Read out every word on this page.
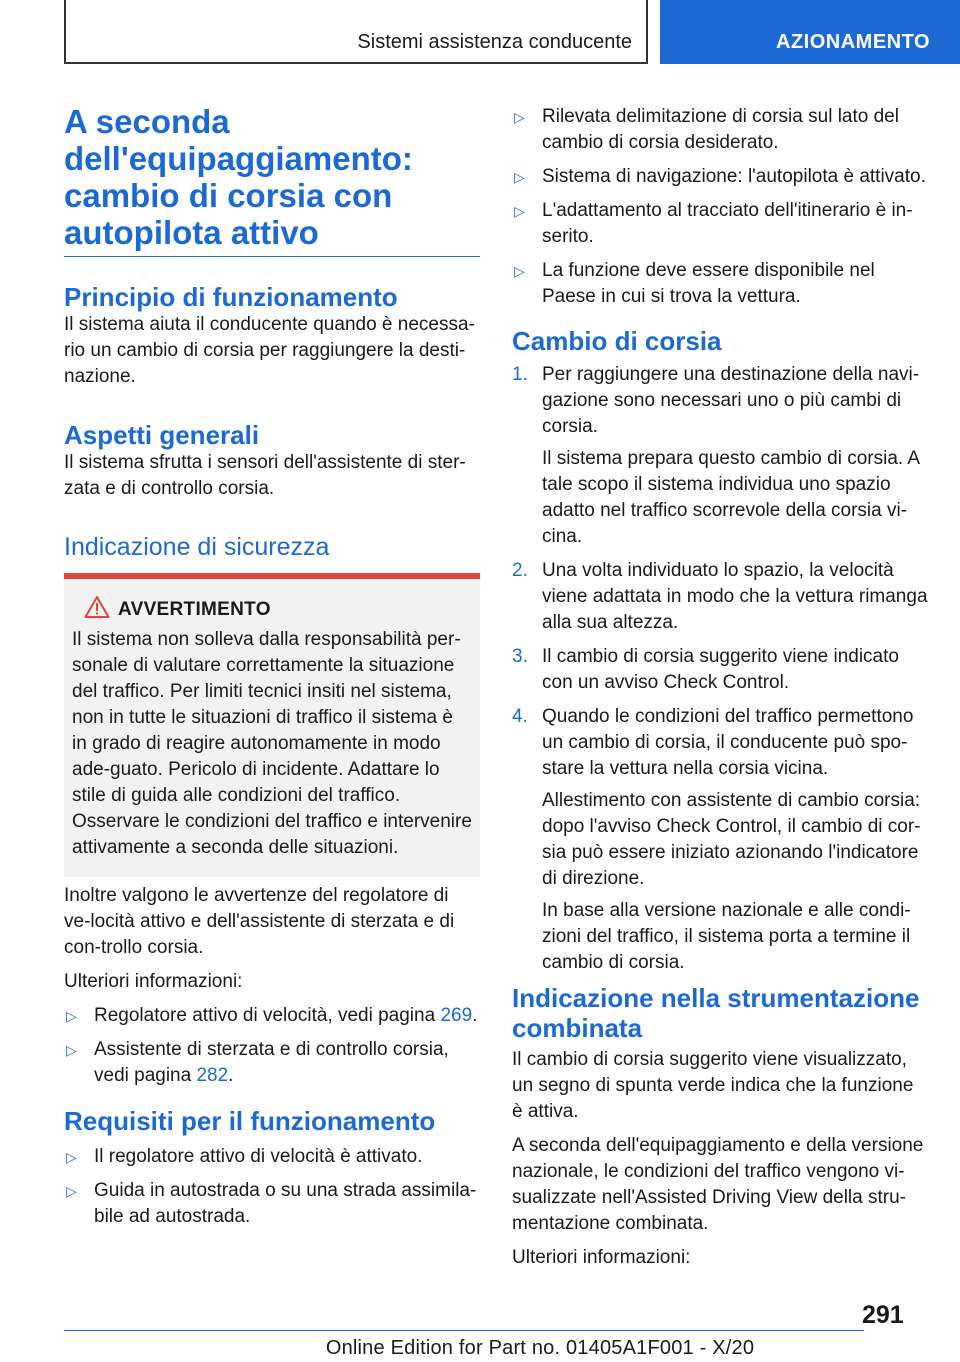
Sistemi assistenza conducente	AZIONAMENTO
A seconda dell'equipaggiamento: cambio di corsia con autopilota attivo
Principio di funzionamento

Il sistema aiuta il conducente quando è necessa-rio un cambio di corsia per raggiungere la desti-nazione.

Aspetti generali

Il sistema sfrutta i sensori dell'assistente di ster-zata e di controllo corsia.

Indicazione di sicurezza
AVVERTIMENTO

Il sistema non solleva dalla responsabilità per-sonale di valutare correttamente la situazione del traffico. Per limiti tecnici insiti nel sistema, non in tutte le situazioni di traffico il sistema è in grado di reagire autonomamente in modo ade-guato. Pericolo di incidente. Adattare lo stile di guida alle condizioni del traffico. Osservare le condizioni del traffico e intervenire attivamente a seconda delle situazioni.

Inoltre valgono le avvertenze del regolatore di ve-locità attivo e dell'assistente di sterzata e di con-trollo corsia.

Ulteriori informazioni:

▷ Regolatore attivo di velocità, vedi pagina 269.
▷ Assistente di sterzata e di controllo corsia, vedi pagina 282.
Requisiti per il funzionamento
▷ Il regolatore attivo di velocità è attivato.
▷ Guida in autostrada o su una strada assimila-bile ad autostrada.
▷ Rilevata delimitazione di corsia sul lato del cambio di corsia desiderato.
▷ Sistema di navigazione: l'autopilota è attivato.
▷ L'adattamento al tracciato dell'itinerario è in-serito.
▷ La funzione deve essere disponibile nel Paese in cui si trova la vettura.
Cambio di corsia
1. Per raggiungere una destinazione della navi-gazione sono necessari uno o più cambi di corsia.

Il sistema prepara questo cambio di corsia. A tale scopo il sistema individua uno spazio adatto nel traffico scorrevole della corsia vi-cina.

2. Una volta individuato lo spazio, la velocità viene adattata in modo che la vettura rimanga alla sua altezza.

3. Il cambio di corsia suggerito viene indicato con un avviso Check Control.

4. Quando le condizioni del traffico permettono un cambio di corsia, il conducente può spo-stare la vettura nella corsia vicina.

Allestimento con assistente di cambio corsia: dopo l'avviso Check Control, il cambio di cor-sia può essere iniziato azionando l'indicatore di direzione.

In base alla versione nazionale e alle condi-zioni del traffico, il sistema porta a termine il cambio di corsia.

Indicazione nella strumentazione combinata

Il cambio di corsia suggerito viene visualizzato, un segno di spunta verde indica che la funzione è attiva.

A seconda dell'equipaggiamento e della versione nazionale, le condizioni del traffico vengono vi-sualizzate nell'Assisted Driving View della stru-mentazione combinata.

Ulteriori informazioni:

291
Online Edition for Part no. 01405A1F001 - X/20
